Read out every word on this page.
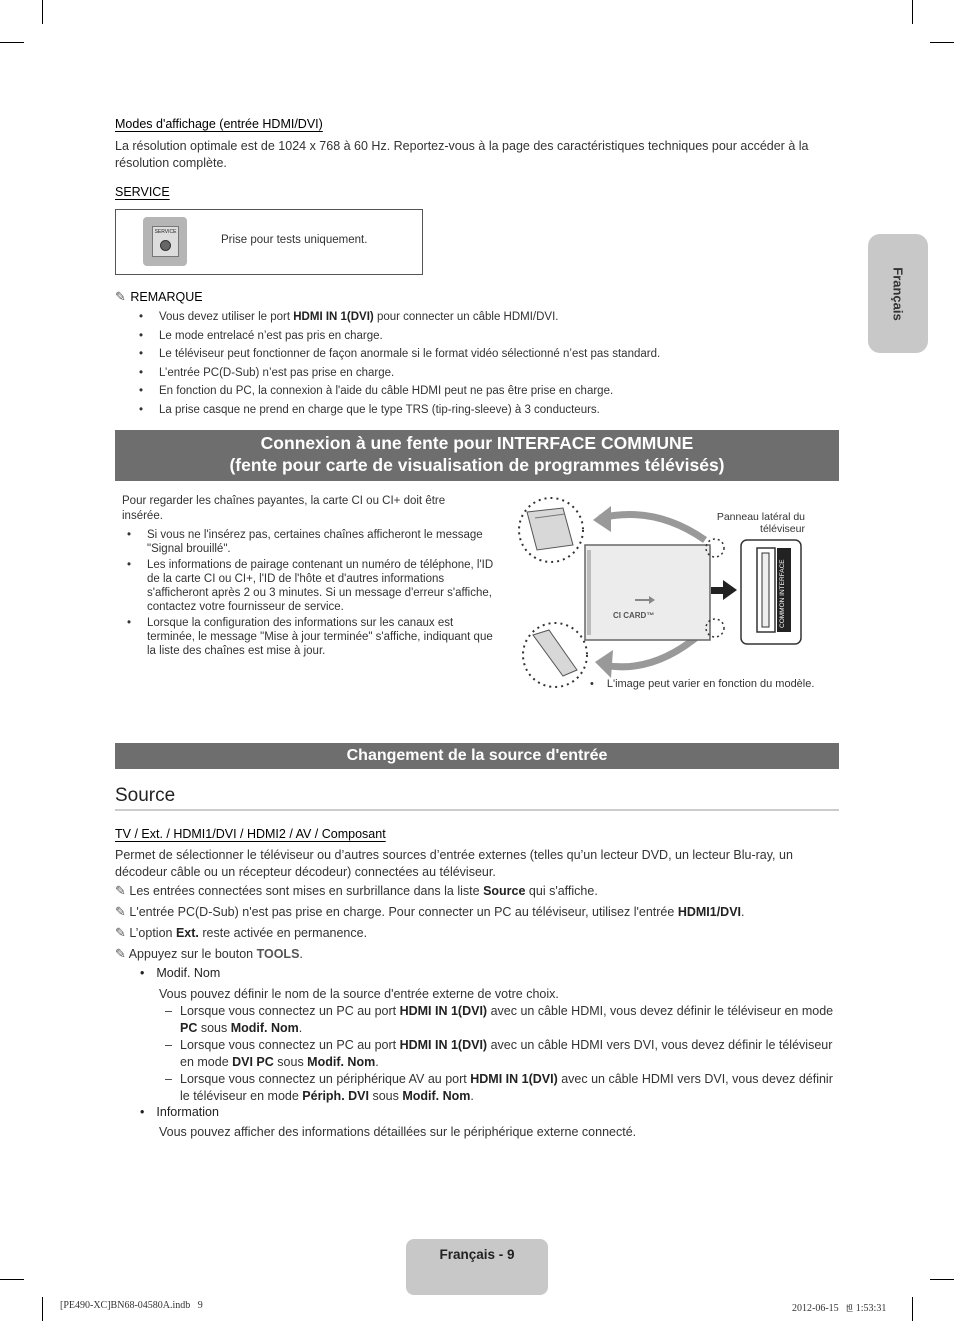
Français
Modes d'affichage (entrée HDMI/DVI)
La résolution optimale est de 1024 x 768 à 60 Hz. Reportez-vous à la page des caractéristiques techniques pour accéder à la résolution complète.
SERVICE
SERVICE
Prise pour tests uniquement.
✎ REMARQUE
• Vous devez utiliser le port HDMI IN 1(DVI) pour connecter un câble HDMI/DVI.
• Le mode entrelacé n’est pas pris en charge.
• Le téléviseur peut fonctionner de façon anormale si le format vidéo sélectionné n’est pas standard.
• L’entrée PC(D-Sub) n’est pas prise en charge.
• En fonction du PC, la connexion à l'aide du câble HDMI peut ne pas être prise en charge.
• La prise casque ne prend en charge que le type TRS (tip-ring-sleeve) à 3 conducteurs.
Connexion à une fente pour INTERFACE COMMUNE
(fente pour carte de visualisation de programmes télévisés)
Pour regarder les chaînes payantes, la carte CI ou CI+ doit être insérée.
• Si vous ne l'insérez pas, certaines chaînes afficheront le message "Signal brouillé".
• Les informations de pairage contenant un numéro de téléphone, l'ID de la carte CI ou CI+, l'ID de l'hôte et d'autres informations s'afficheront après 2 ou 3 minutes. Si un message d'erreur s'affiche, contactez votre fournisseur de service.
• Lorsque la configuration des informations sur les canaux est terminée, le message "Mise à jour terminée" s'affiche, indiquant que la liste des chaînes est mise à jour.
CI CARD™	COMMON INTERFACE
Panneau latéral du téléviseur
• L'image peut varier en fonction du modèle.
Changement de la source d'entrée
Source
TV / Ext. / HDMI1/DVI / HDMI2 / AV / Composant
Permet de sélectionner le téléviseur ou d’autres sources d’entrée externes (telles qu’un lecteur DVD, un lecteur Blu-ray, un décodeur câble ou un récepteur décodeur) connectées au téléviseur.
✎ Les entrées connectées sont mises en surbrillance dans la liste Source qui s'affiche.
✎ L'entrée PC(D-Sub) n'est pas prise en charge. Pour connecter un PC au téléviseur, utilisez l'entrée HDMI1/DVI.
✎ L’option Ext. reste activée en permanence.
✎ Appuyez sur le bouton TOOLS.
• Modif. Nom
Vous pouvez définir le nom de la source d'entrée externe de votre choix.
– Lorsque vous connectez un PC au port HDMI IN 1(DVI) avec un câble HDMI, vous devez définir le téléviseur en mode PC sous Modif. Nom.
– Lorsque vous connectez un PC au port HDMI IN 1(DVI) avec un câble HDMI vers DVI, vous devez définir le téléviseur en mode DVI PC sous Modif. Nom.
– Lorsque vous connectez un périphérique AV au port HDMI IN 1(DVI) avec un câble HDMI vers DVI, vous devez définir le téléviseur en mode Périph. DVI sous Modif. Nom.
• Information
Vous pouvez afficher des informations détaillées sur le périphérique externe connecté.
Français - 9
[PE490-XC]BN68-04580A.indb   9	2012-06-15   ꡁ 1:53:31
